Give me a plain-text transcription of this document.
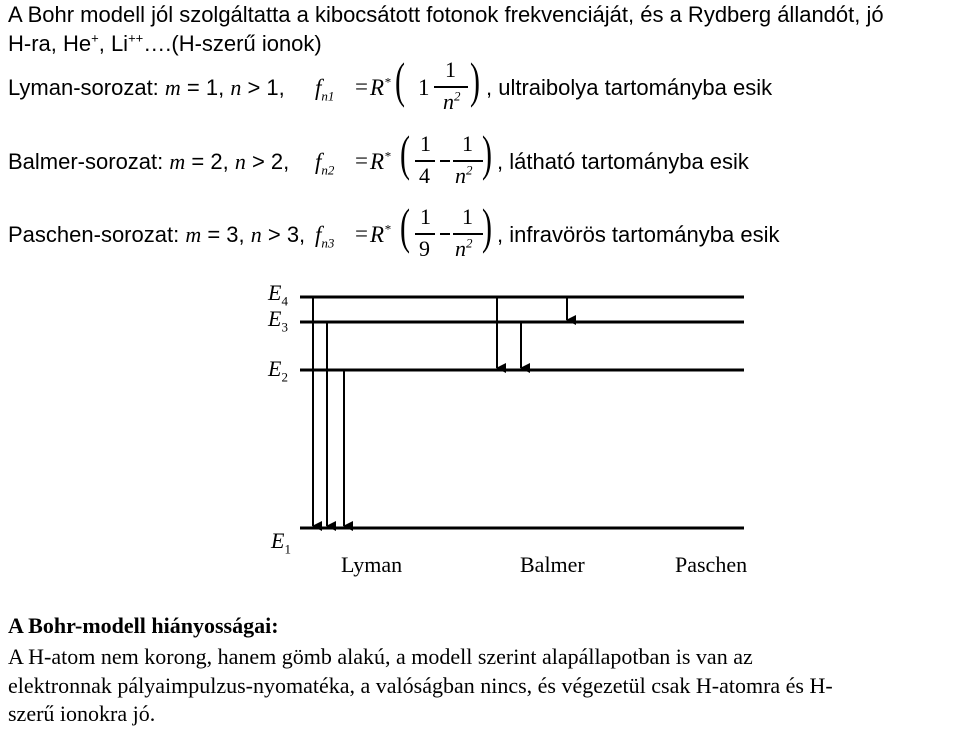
A Bohr modell jól szolgáltatta a kibocsátott fotonok frekvenciáját, és a Rydberg állandót, jó
H-ra, He+, Li++….(H-szerű ionok)
Lyman-sorozat: m = 1, n > 1, $f_{n1} = R^*$ ( 1
1
$n^2$ ) , ultraibolya tartományba esik
Balmer-sorozat: m = 2, n > 2, $f_{n2} = R^*$ ( 1
4
1
$n^2$ ) , látható tartományba esik
Paschen-sorozat: m = 3, n > 3, $f_{n3} = R^*$ ( 1
9
1
$n^2$ ) , infravörös tartományba esik
$E_4$
$E_3$
$E_2$
$E_1$
Lyman	Balmer	Paschen
A Bohr-modell hiányosságai:
A H-atom nem korong, hanem gömb alakú, a modell szerint alapállapotban is van az
elektronnak pályaimpulzus-nyomatéka, a valóságban nincs, és végezetül csak H-atomra és H-
szerű ionokra jó.
